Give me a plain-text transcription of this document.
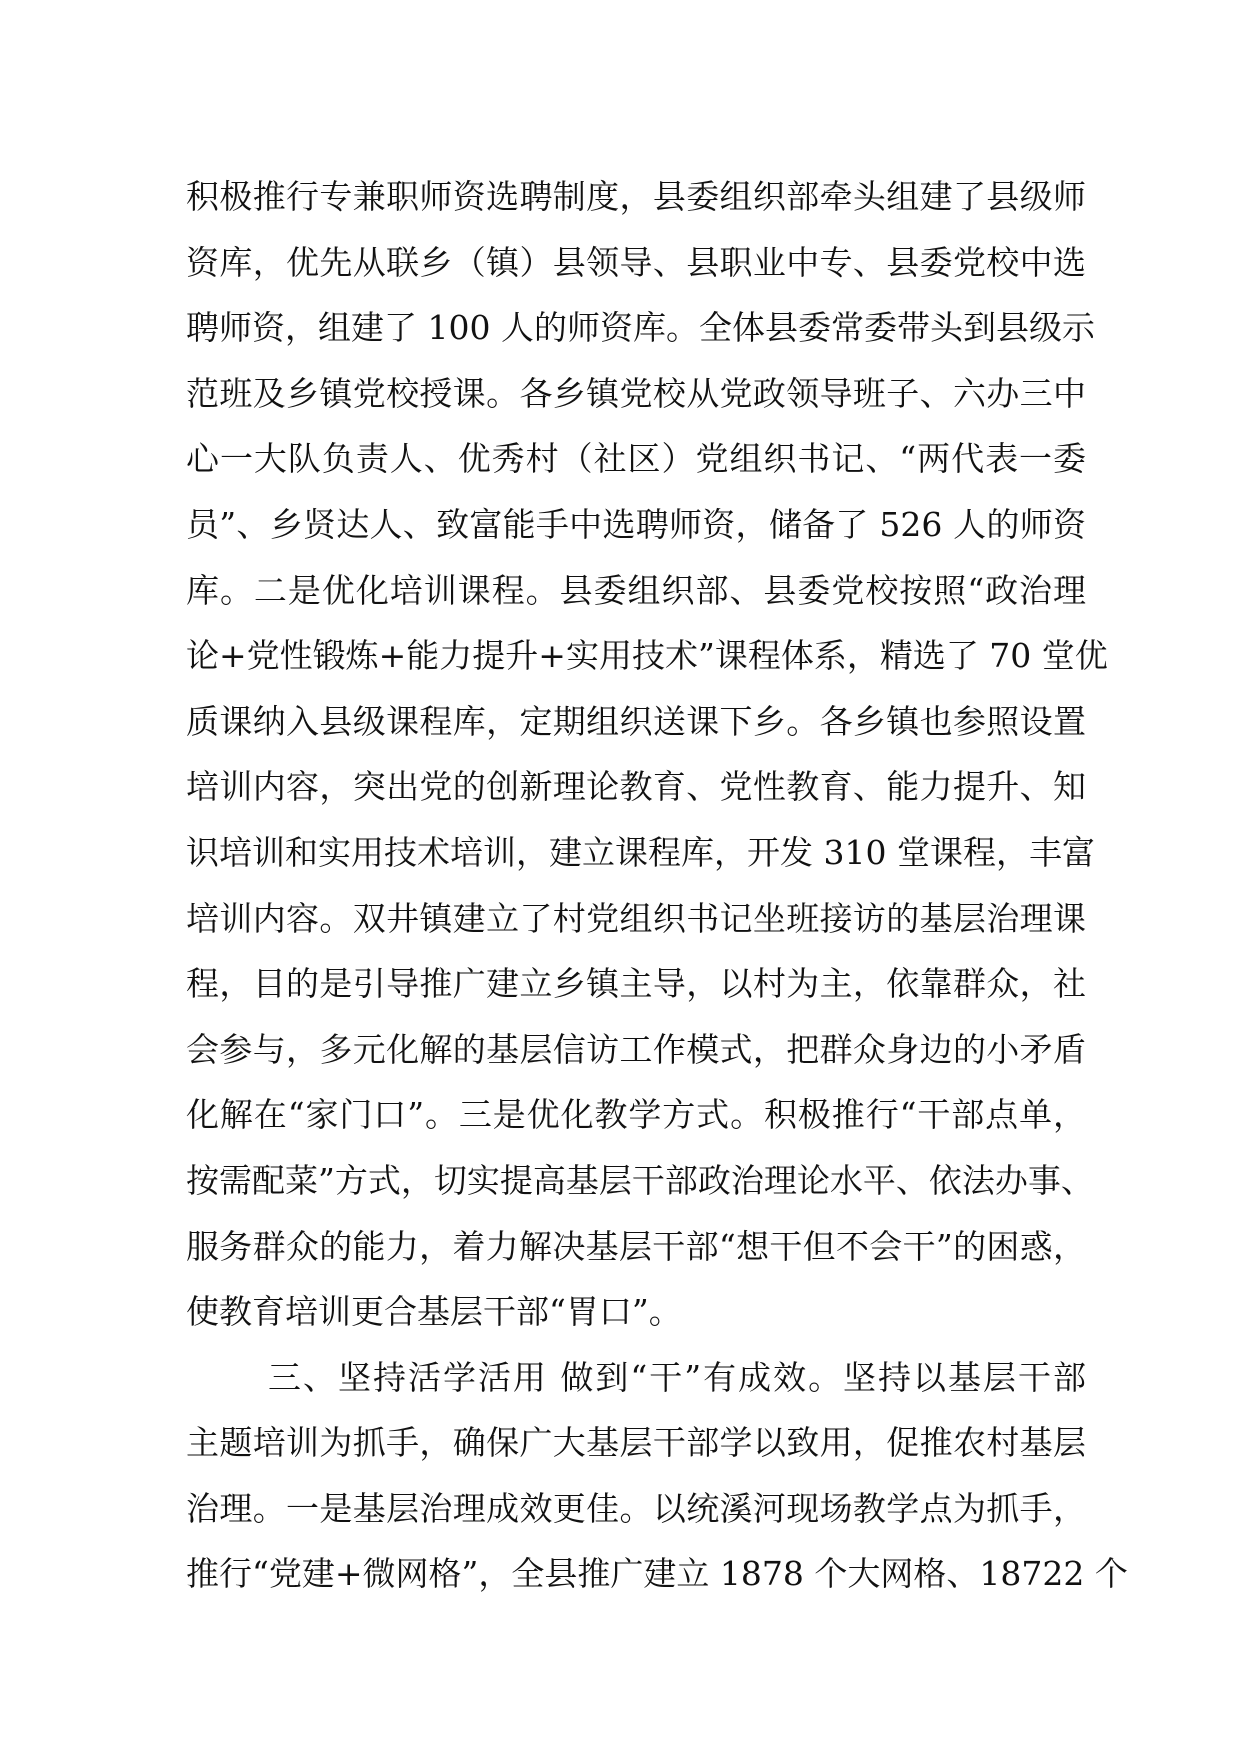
积极推行专兼职师资选聘制度，县委组织部牵头组建了县级师
资库，优先从联乡（镇）县领导、县职业中专、县委党校中选
聘师资，组建了 100 人的师资库。全体县委常委带头到县级示
范班及乡镇党校授课。各乡镇党校从党政领导班子、六办三中
心一大队负责人、优秀村（社区）党组织书记、“两代表一委
员”、乡贤达人、致富能手中选聘师资，储备了 526 人的师资
库。二是优化培训课程。县委组织部、县委党校按照“政治理
论+党性锻炼+能力提升+实用技术”课程体系，精选了 70 堂优
质课纳入县级课程库，定期组织送课下乡。各乡镇也参照设置
培训内容，突出党的创新理论教育、党性教育、能力提升、知
识培训和实用技术培训，建立课程库，开发 310 堂课程，丰富
培训内容。双井镇建立了村党组织书记坐班接访的基层治理课
程，目的是引导推广建立乡镇主导，以村为主，依靠群众，社
会参与，多元化解的基层信访工作模式，把群众身边的小矛盾
化解在“家门口”。三是优化教学方式。积极推行“干部点单，
按需配菜”方式，切实提高基层干部政治理论水平、依法办事、
服务群众的能力，着力解决基层干部“想干但不会干”的困惑，
使教育培训更合基层干部“胃口”。
三、坚持活学活用 做到“干”有成效。坚持以基层干部
主题培训为抓手，确保广大基层干部学以致用，促推农村基层
治理。一是基层治理成效更佳。以统溪河现场教学点为抓手，
推行“党建+微网格”，全县推广建立 1878 个大网格、18722 个
